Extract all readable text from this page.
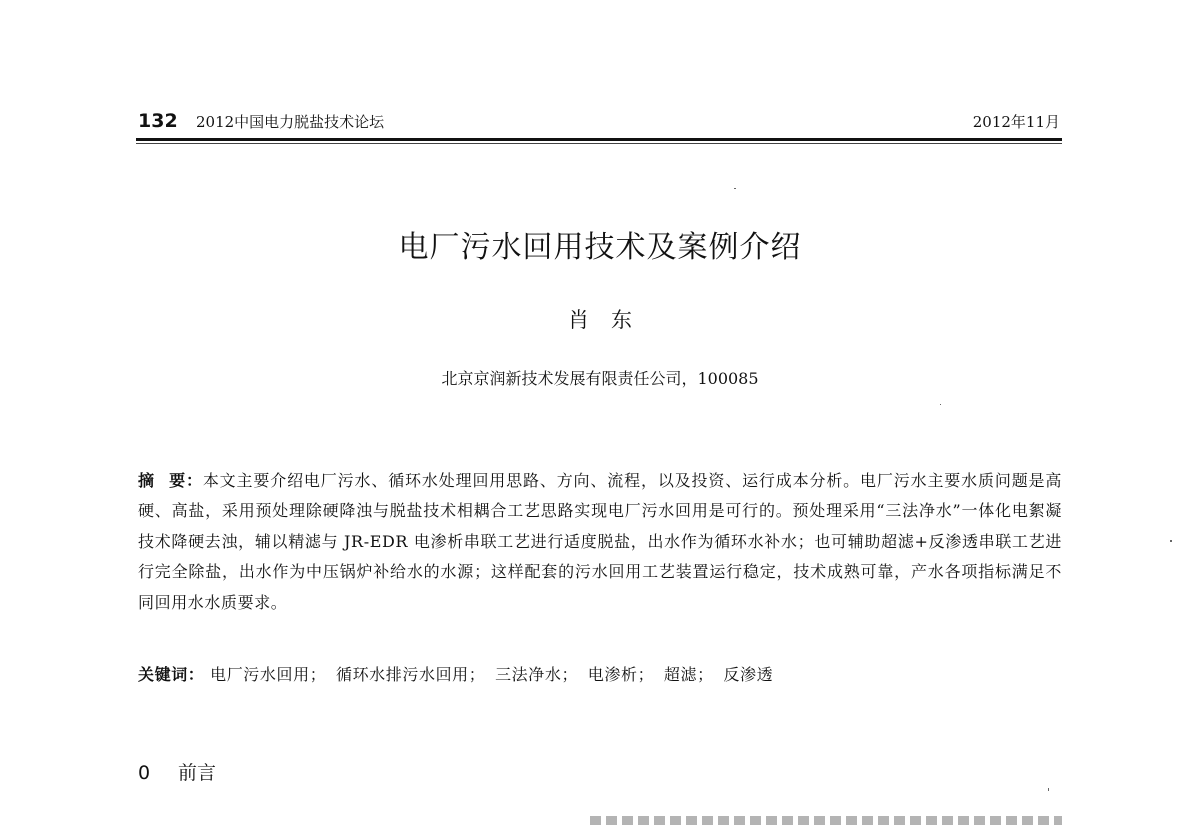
132 2012中国电力脱盐技术论坛	2012年11月
电厂污水回用技术及案例介绍
肖东
北京京润新技术发展有限责任公司，100085
摘 要：本文主要介绍电厂污水、循环水处理回用思路、方向、流程，以及投资、运行成本分析。电厂污水主要水质问题是高硬、高盐，采用预处理除硬降浊与脱盐技术相耦合工艺思路实现电厂污水回用是可行的。预处理采用“三法净水”一体化电絮凝技术降硬去浊，辅以精滤与 JR-EDR 电渗析串联工艺进行适度脱盐，出水作为循环水补水；也可辅助超滤+反渗透串联工艺进行完全除盐，出水作为中压锅炉补给水的水源；这样配套的污水回用工艺装置运行稳定，技术成熟可靠，产水各项指标满足不同回用水水质要求。
关键词： 电厂污水回用； 循环水排污水回用； 三法净水； 电渗析； 超滤； 反渗透
0 前言
